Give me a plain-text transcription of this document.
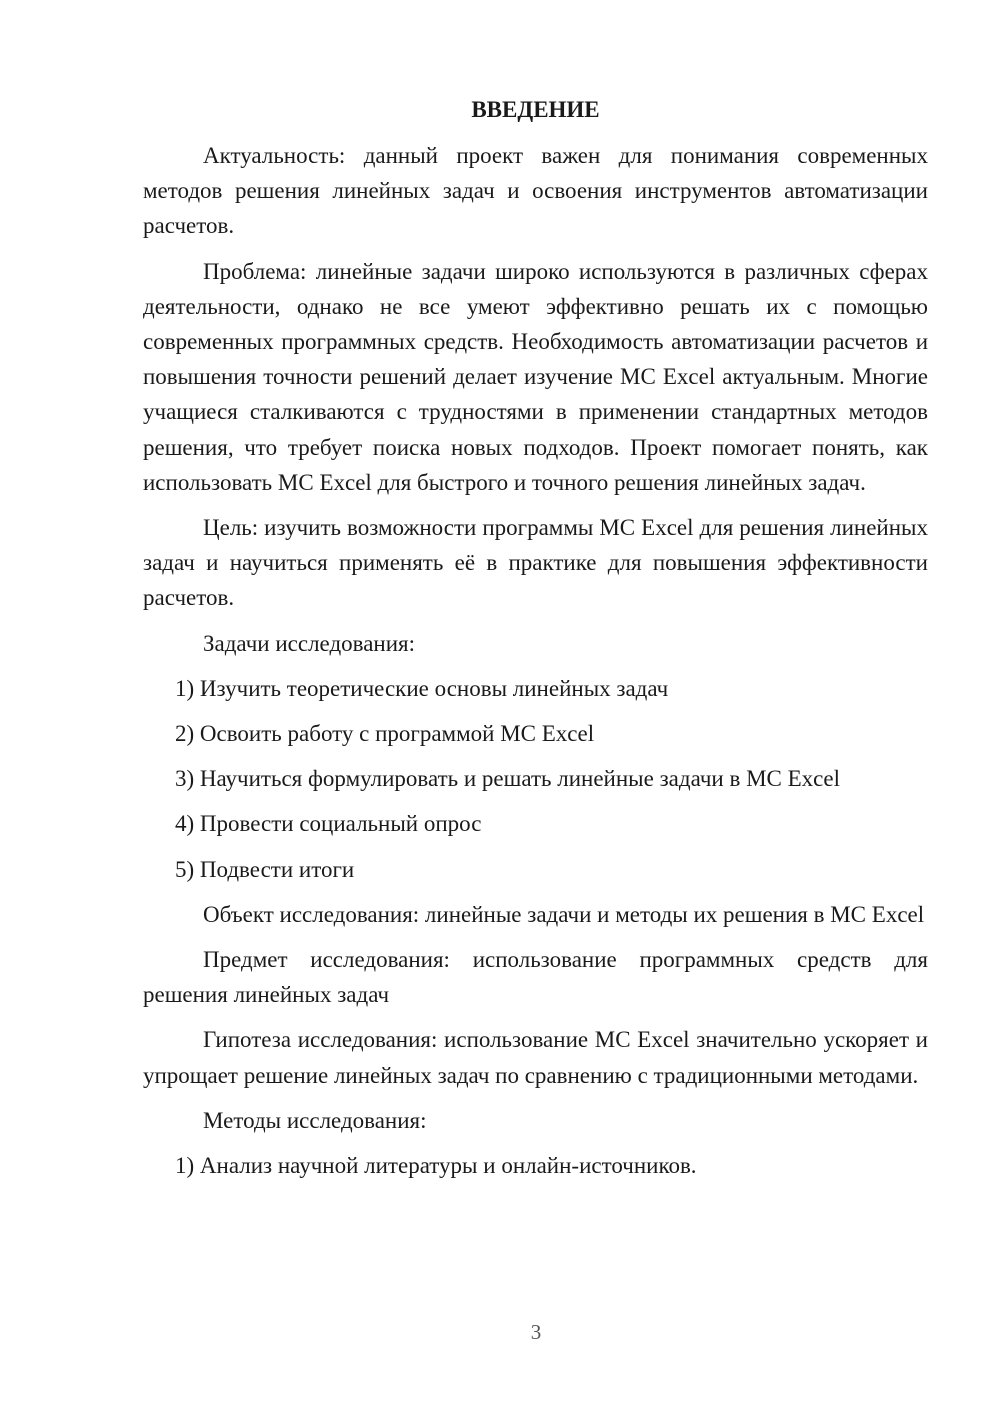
ВВЕДЕНИЕ

Актуальность: данный проект важен для понимания современных методов решения линейных задач и освоения инструментов автоматизации расчетов.

Проблема: линейные задачи широко используются в различных сферах деятельности, однако не все умеют эффективно решать их с помощью современных программных средств. Необходимость автоматизации расчетов и повышения точности решений делает изучение MC Excel актуальным. Многие учащиеся сталкиваются с трудностями в применении стандартных методов решения, что требует поиска новых подходов. Проект помогает понять, как использовать MC Excel для быстрого и точного решения линейных задач.

Цель: изучить возможности программы MC Excel для решения линейных задач и научиться применять её в практике для повышения эффективности расчетов.

Задачи исследования:
1) Изучить теоретические основы линейных задач
2) Освоить работу с программой MC Excel
3) Научиться формулировать и решать линейные задачи в MC Excel
4) Провести социальный опрос
5) Подвести итоги

Объект исследования: линейные задачи и методы их решения в MC Excel

Предмет исследования: использование программных средств для решения линейных задач

Гипотеза исследования: использование MC Excel значительно ускоряет и упрощает решение линейных задач по сравнению с традиционными методами.

Методы исследования:
1) Анализ научной литературы и онлайн-источников.
3
